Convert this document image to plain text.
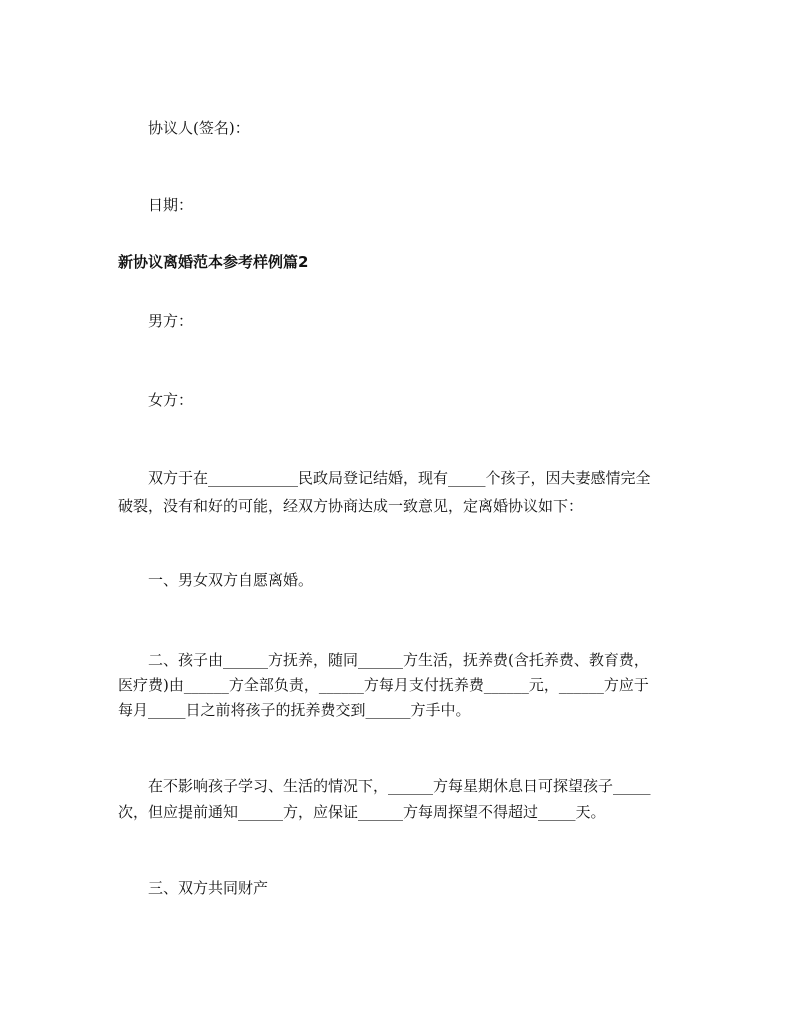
协议人(签名)：
日期：
新协议离婚范本参考样例篇2
男方：
女方：
双方于在____________民政局登记结婚，现有_____个孩子，因夫妻感情完全
破裂，没有和好的可能，经双方协商达成一致意见，定离婚协议如下：
一、男女双方自愿离婚。
二、孩子由______方抚养，随同______方生活，抚养费(含托养费、教育费，
医疗费)由______方全部负责，______方每月支付抚养费______元，______方应于
每月_____日之前将孩子的抚养费交到______方手中。
在不影响孩子学习、生活的情况下，______方每星期休息日可探望孩子_____
次，但应提前通知______方，应保证______方每周探望不得超过_____天。
三、双方共同财产
